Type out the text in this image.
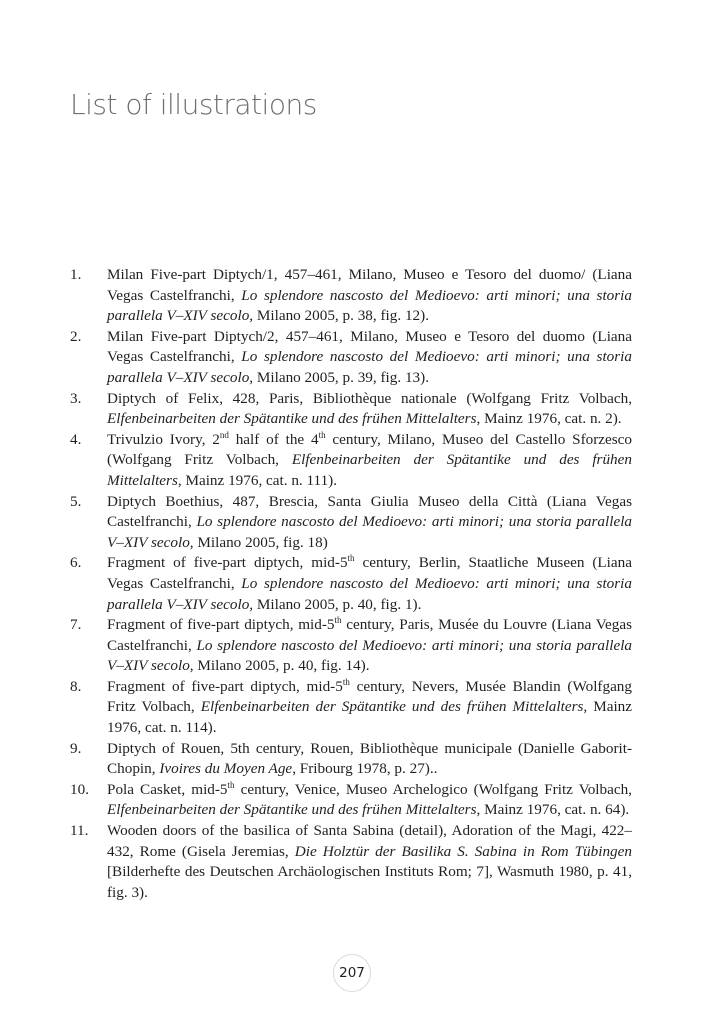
List of illustrations
1. Milan Five-part Diptych/1, 457–461, Milano, Museo e Tesoro del duomo/ (Liana Vegas Castelfranchi, Lo splendore nascosto del Medioevo: arti minori; una storia parallela V–XIV secolo, Milano 2005, p. 38, fig. 12).
2. Milan Five-part Diptych/2, 457–461, Milano, Museo e Tesoro del duomo (Liana Vegas Castelfranchi, Lo splendore nascosto del Medioevo: arti minori; una storia parallela V–XIV secolo, Milano 2005, p. 39, fig. 13).
3. Diptych of Felix, 428, Paris, Bibliothèque nationale (Wolfgang Fritz Volbach, Elfenbeinarbeiten der Spätantike und des frühen Mittelalters, Mainz 1976, cat. n. 2).
4. Trivulzio Ivory, 2nd half of the 4th century, Milano, Museo del Castello Sforzesco (Wolfgang Fritz Volbach, Elfenbeinarbeiten der Spätantike und des frühen Mittelalters, Mainz 1976, cat. n. 111).
5. Diptych Boethius, 487, Brescia, Santa Giulia Museo della Città (Liana Vegas Castelfranchi, Lo splendore nascosto del Medioevo: arti minori; una storia parallela V–XIV secolo, Milano 2005, fig. 18)
6. Fragment of five-part diptych, mid-5th century, Berlin, Staatliche Museen (Liana Vegas Castelfranchi, Lo splendore nascosto del Medioevo: arti minori; una storia parallela V–XIV secolo, Milano 2005, p. 40, fig. 1).
7. Fragment of five-part diptych, mid-5th century, Paris, Musée du Louvre (Liana Vegas Castelfranchi, Lo splendore nascosto del Medioevo: arti minori; una storia parallela V–XIV secolo, Milano 2005, p. 40, fig. 14).
8. Fragment of five-part diptych, mid-5th century, Nevers, Musée Blandin (Wolfgang Fritz Volbach, Elfenbeinarbeiten der Spätantike und des frühen Mittelalters, Mainz 1976, cat. n. 114).
9. Diptych of Rouen, 5th century, Rouen, Bibliothèque municipale (Danielle Gaborit-Chopin, Ivoires du Moyen Age, Fribourg 1978, p. 27)..
10. Pola Casket, mid-5th century, Venice, Museo Archelogico (Wolfgang Fritz Volbach, Elfenbeinarbeiten der Spätantike und des frühen Mittelalters, Mainz 1976, cat. n. 64).
11. Wooden doors of the basilica of Santa Sabina (detail), Adoration of the Magi, 422–432, Rome (Gisela Jeremias, Die Holztür der Basilika S. Sabina in Rom Tübingen [Bilderhefte des Deutschen Archäologischen Instituts Rom; 7], Wasmuth 1980, p. 41, fig. 3).
207
